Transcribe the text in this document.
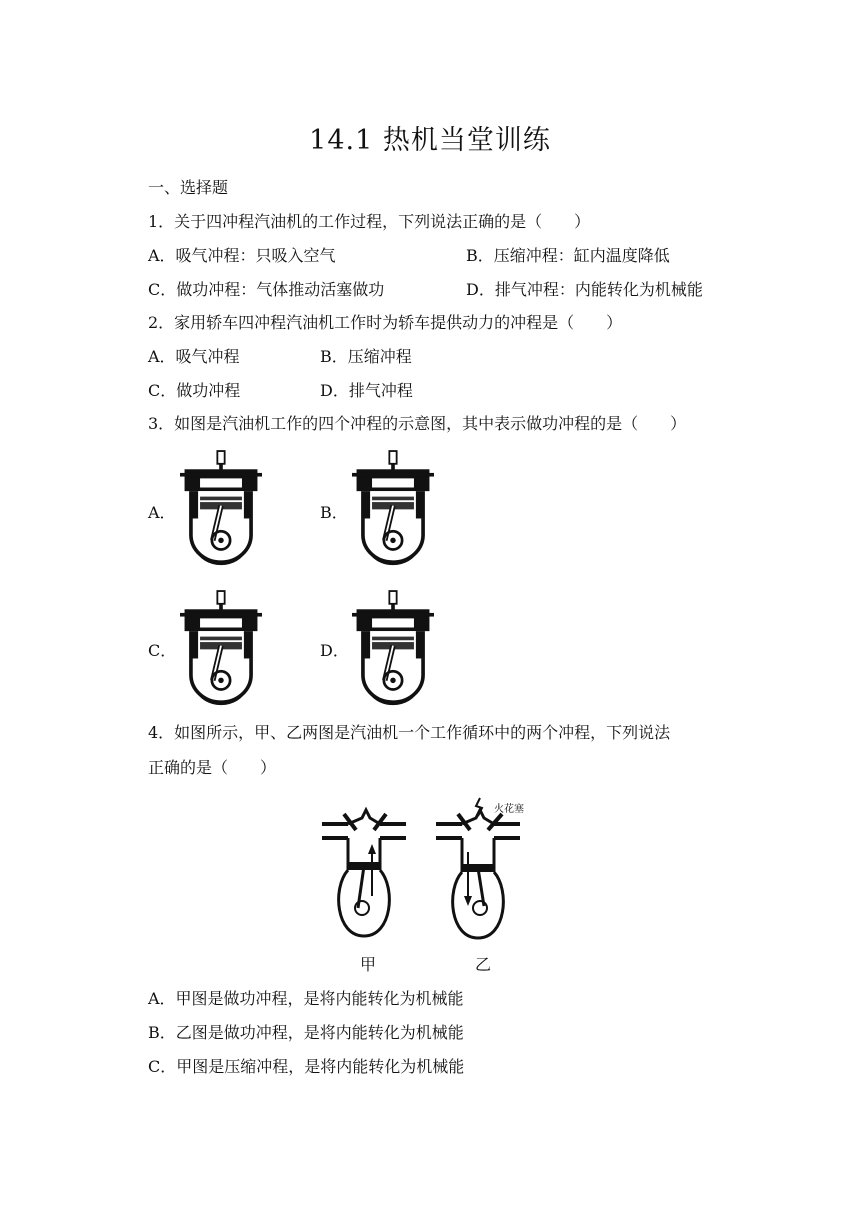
14.1 热机当堂训练
一、选择题
1．关于四冲程汽油机的工作过程，下列说法正确的是（　　）
A．吸气冲程：只吸入空气	B．压缩冲程：缸内温度降低
C．做功冲程：气体推动活塞做功	D．排气冲程：内能转化为机械能
2．家用轿车四冲程汽油机工作时为轿车提供动力的冲程是（　　）
A．吸气冲程	B．压缩冲程
C．做功冲程	D．排气冲程
3．如图是汽油机工作的四个冲程的示意图，其中表示做功冲程的是（　　）
A．	B．
C．	D．
4．如图所示，甲、乙两图是汽油机一个工作循环中的两个冲程，下列说法
正确的是（　　）
甲
火花塞
乙
A．甲图是做功冲程，是将内能转化为机械能
B．乙图是做功冲程，是将内能转化为机械能
C．甲图是压缩冲程，是将内能转化为机械能
